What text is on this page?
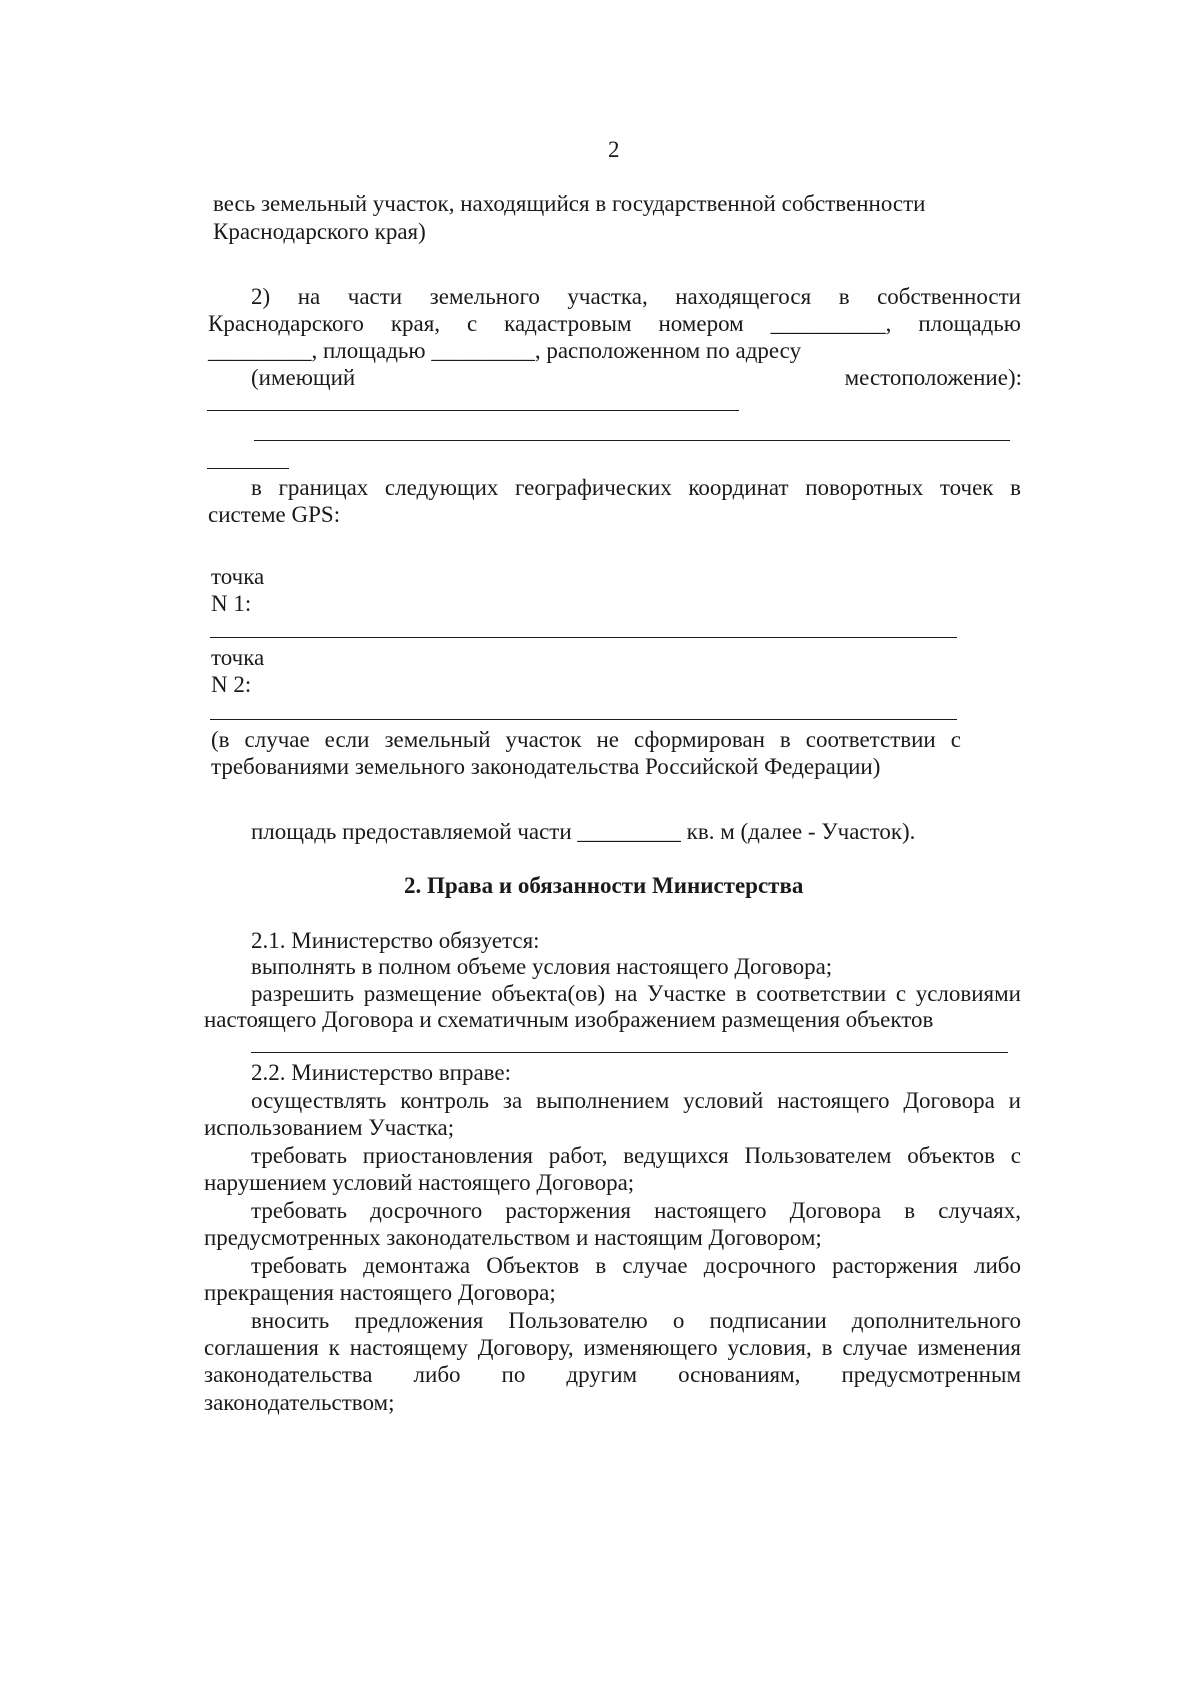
2
весь земельный участок, находящийся в государственной собственности
Краснодарского края)
2) на части земельного участка, находящегося в собственности
Краснодарского края, с кадастровым номером __________, площадью
_________, площадью _________, расположенном по адресу
(имеющий	местоположение):
в границах следующих географических координат поворотных точек в
системе GPS:
точка
N 1:
точка
N 2:
(в случае если земельный участок не сформирован в соответствии с
требованиями земельного законодательства Российской Федерации)
площадь предоставляемой части _________ кв. м (далее - Участок).
2. Права и обязанности Министерства
2.1. Министерство обязуется:
выполнять в полном объеме условия настоящего Договора;
разрешить размещение объекта(ов) на Участке в соответствии с условиями
настоящего Договора и схематичным изображением размещения объектов
2.2. Министерство вправе:
осуществлять контроль за выполнением условий настоящего Договора и
использованием Участка;
требовать приостановления работ, ведущихся Пользователем объектов с
нарушением условий настоящего Договора;
требовать досрочного расторжения настоящего Договора в случаях,
предусмотренных законодательством и настоящим Договором;
требовать демонтажа Объектов в случае досрочного расторжения либо
прекращения настоящего Договора;
вносить предложения Пользователю о подписании дополнительного
соглашения к настоящему Договору, изменяющего условия, в случае изменения
законодательства либо по другим основаниям, предусмотренным
законодательством;
